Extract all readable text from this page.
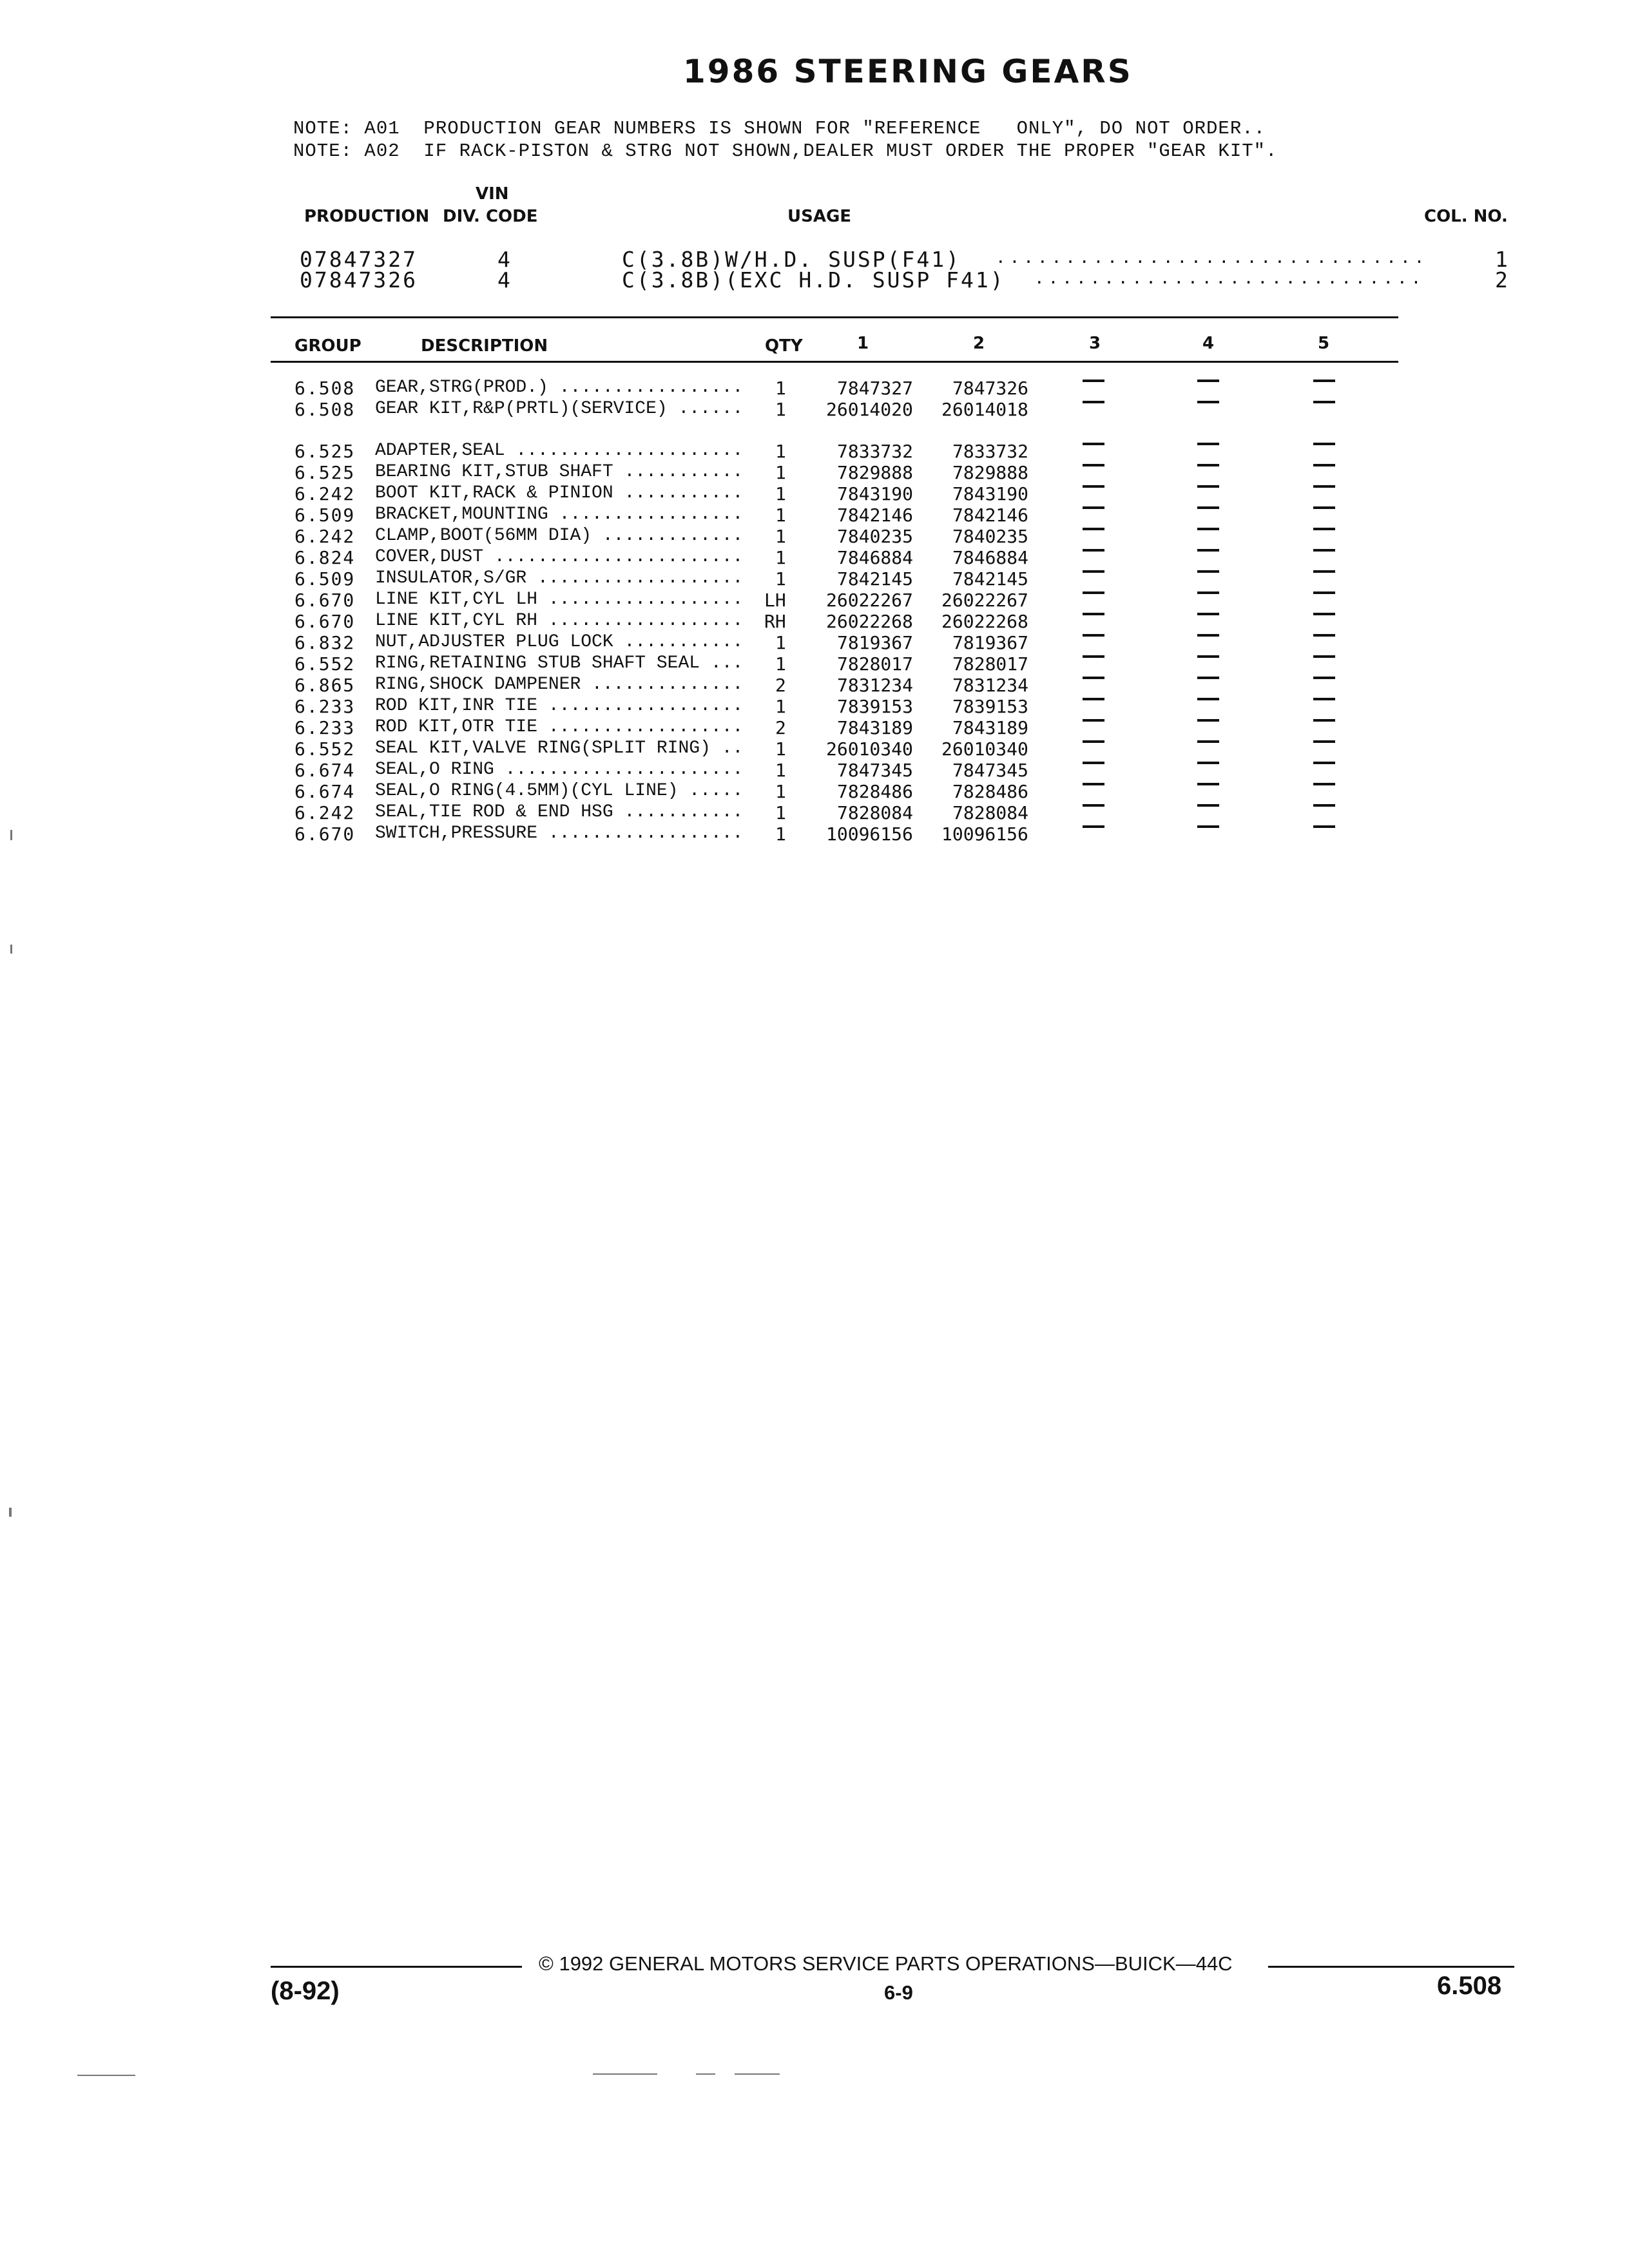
1986 STEERING GEARS
NOTE: A01  PRODUCTION GEAR NUMBERS IS SHOWN FOR "REFERENCE   ONLY", DO NOT ORDER..
NOTE: A02  IF RACK-PISTON & STRG NOT SHOWN,DEALER MUST ORDER THE PROPER "GEAR KIT".
VIN
PRODUCTION DIV. CODE	USAGE	COL. NO.
07847327	4	C(3.8B)W/H.D. SUSP(F41) ...............................	1
07847326	4	C(3.8B)(EXC H.D. SUSP F41) ............................	2
GROUP	DESCRIPTION	QTY	1	2	3	4	5
6.508 GEAR,STRG(PROD.) ................. 1	7847327 7847326
6.508 GEAR KIT,R&P(PRTL)(SERVICE) ...... 1 26014020 26014018
6.525 ADAPTER,SEAL ..................... 1	7833732 7833732
6.525 BEARING KIT,STUB SHAFT ........... 1	7829888 7829888
6.242 BOOT KIT,RACK & PINION ........... 1	7843190 7843190
6.509 BRACKET,MOUNTING ................. 1	7842146 7842146
6.242 CLAMP,BOOT(56MM DIA) ............. 1	7840235 7840235
6.824 COVER,DUST ....................... 1	7846884 7846884
6.509 INSULATOR,S/GR ................... 1	7842145 7842145
6.670 LINE KIT,CYL LH .................. LH 26022267 26022267
6.670 LINE KIT,CYL RH .................. RH 26022268 26022268
6.832 NUT,ADJUSTER PLUG LOCK ........... 1	7819367 7819367
6.552 RING,RETAINING STUB SHAFT SEAL ... 1	7828017 7828017
6.865 RING,SHOCK DAMPENER .............. 2	7831234 7831234
6.233 ROD KIT,INR TIE .................. 1	7839153 7839153
6.233 ROD KIT,OTR TIE .................. 2	7843189 7843189
6.552 SEAL KIT,VALVE RING(SPLIT RING) .. 1 26010340 26010340
6.674 SEAL,O RING ...................... 1	7847345 7847345
6.674 SEAL,O RING(4.5MM)(CYL LINE) ..... 1	7828486 7828486
6.242 SEAL,TIE ROD & END HSG ........... 1	7828084 7828084
6.670 SWITCH,PRESSURE .................. 1 10096156 10096156
© 1992 GENERAL MOTORS SERVICE PARTS OPERATIONS—BUICK—44C
(8-92)	6-9	6.508
